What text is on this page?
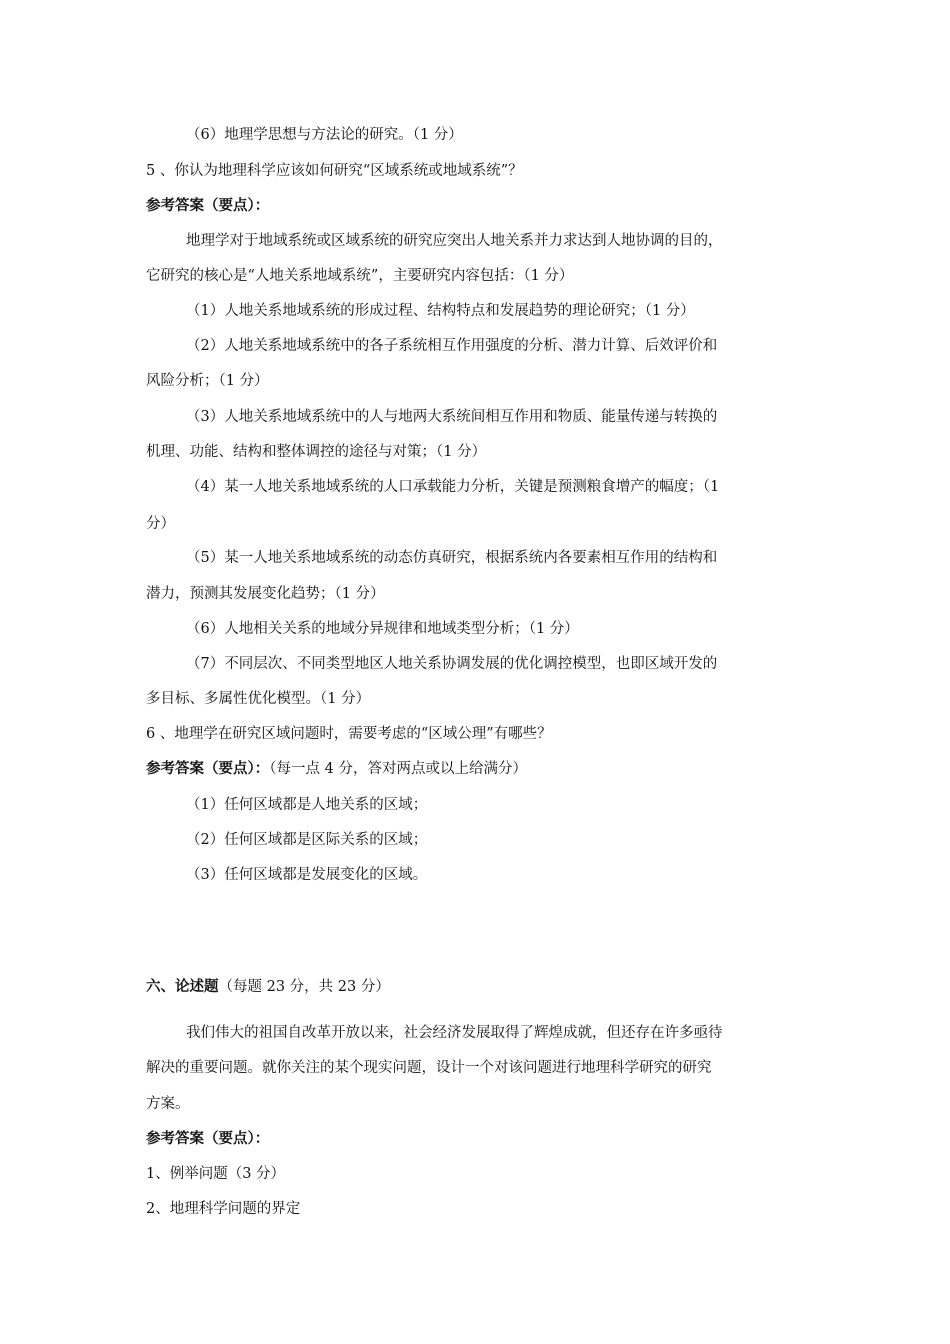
（6）地理学思想与方法论的研究。（1 分）
5 、你认为地理科学应该如何研究“区域系统或地域系统”？
参考答案（要点）：
地理学对于地域系统或区域系统的研究应突出人地关系并力求达到人地协调的目的，
它研究的核心是“人地关系地域系统”，主要研究内容包括：（1 分）
（1）人地关系地域系统的形成过程、结构特点和发展趋势的理论研究；（1 分）
（2）人地关系地域系统中的各子系统相互作用强度的分析、潜力计算、后效评价和
风险分析；（1 分）
（3）人地关系地域系统中的人与地两大系统间相互作用和物质、能量传递与转换的
机理、功能、结构和整体调控的途径与对策；（1 分）
（4）某一人地关系地域系统的人口承载能力分析，关键是预测粮食增产的幅度；（1
分）
（5）某一人地关系地域系统的动态仿真研究，根据系统内各要素相互作用的结构和
潜力，预测其发展变化趋势；（1 分）
（6）人地相关关系的地域分异规律和地域类型分析；（1 分）
（7）不同层次、不同类型地区人地关系协调发展的优化调控模型，也即区域开发的
多目标、多属性优化模型。（1 分）
6 、地理学在研究区域问题时，需要考虑的“区域公理”有哪些？
参考答案（要点）：（每一点 4 分，答对两点或以上给满分）
（1）任何区域都是人地关系的区域；
（2）任何区域都是区际关系的区域；
（3）任何区域都是发展变化的区域。
六、论述题（每题 23 分，共 23 分）
我们伟大的祖国自改革开放以来，社会经济发展取得了辉煌成就，但还存在许多亟待
解决的重要问题。就你关注的某个现实问题，设计一个对该问题进行地理科学研究的研究
方案。
参考答案（要点）：
1、例举问题（3 分）
2、地理科学问题的界定
